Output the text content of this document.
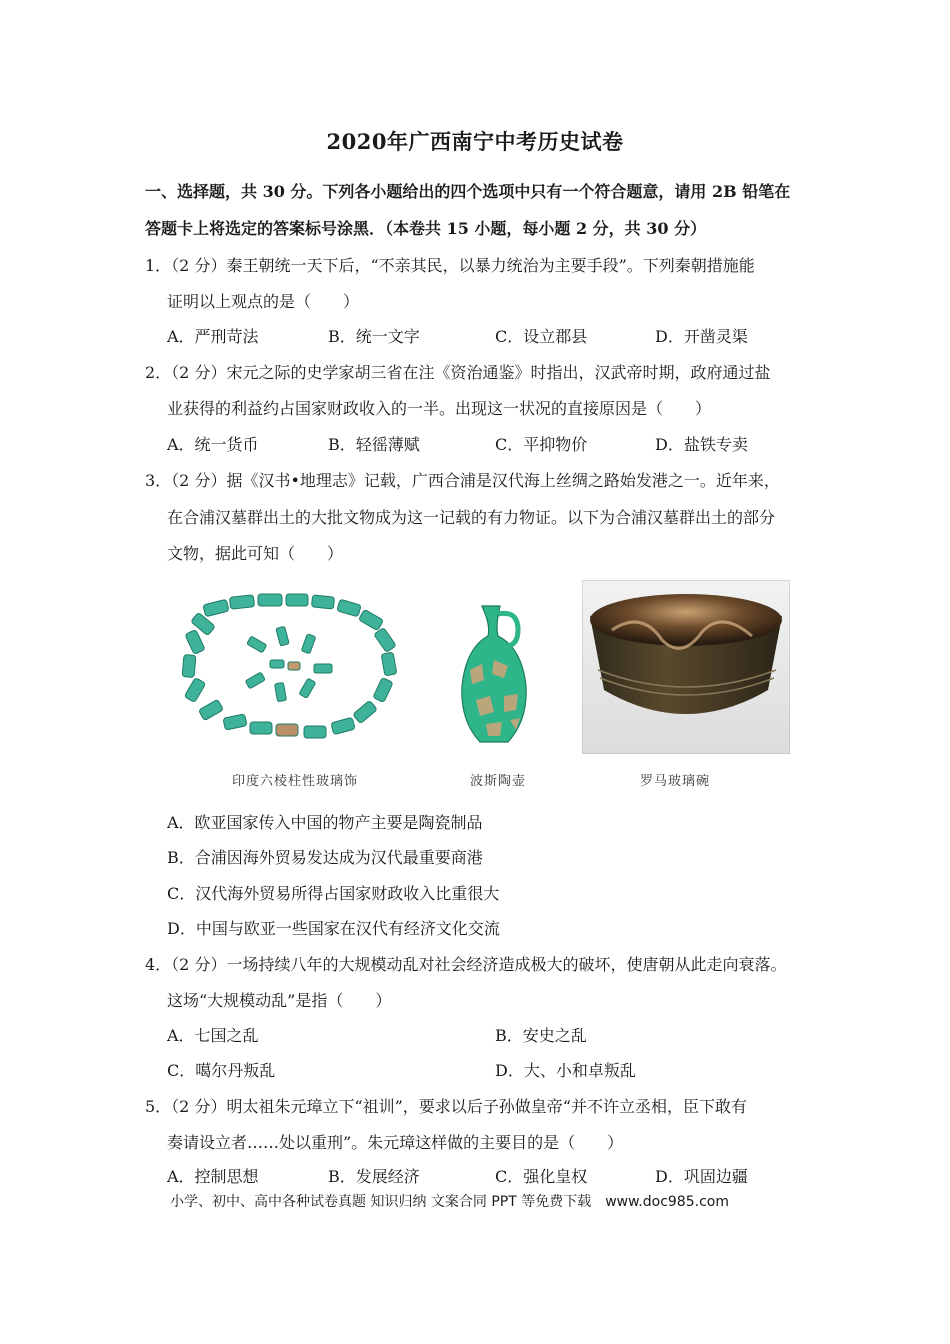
2020年广西南宁中考历史试卷
一、选择题，共 30 分。下列各小题给出的四个选项中只有一个符合题意，请用 2B 铅笔在
答题卡上将选定的答案标号涂黑．（本卷共 15 小题，每小题 2 分，共 30 分）
1．（2 分）秦王朝统一天下后，“不亲其民，以暴力统治为主要手段”。下列秦朝措施能
证明以上观点的是（　　）
A．严刑苛法	B．统一文字	C．设立郡县	D．开凿灵渠
2．（2 分）宋元之际的史学家胡三省在注《资治通鉴》时指出，汉武帝时期，政府通过盐
业获得的利益约占国家财政收入的一半。出现这一状况的直接原因是（　　）
A．统一货币	B．轻徭薄赋	C．平抑物价	D．盐铁专卖
3．（2 分）据《汉书•地理志》记载，广西合浦是汉代海上丝绸之路始发港之一。近年来，
在合浦汉墓群出土的大批文物成为这一记载的有力物证。以下为合浦汉墓群出土的部分
文物，据此可知（　　）
印度六棱柱性玻璃饰	波斯陶壶	罗马玻璃碗
A．欧亚国家传入中国的物产主要是陶瓷制品
B．合浦因海外贸易发达成为汉代最重要商港
C．汉代海外贸易所得占国家财政收入比重很大
D．中国与欧亚一些国家在汉代有经济文化交流
4．（2 分）一场持续八年的大规模动乱对社会经济造成极大的破坏，使唐朝从此走向衰落。
这场“大规模动乱”是指（　　）
A．七国之乱	B．安史之乱
C．噶尔丹叛乱	D．大、小和卓叛乱
5．（2 分）明太祖朱元璋立下“祖训”，要求以后子孙做皇帝“并不许立丞相，臣下敢有
奏请设立者……处以重刑”。朱元璋这样做的主要目的是（　　）
A．控制思想	B．发展经济	C．强化皇权	D．巩固边疆
小学、初中、高中各种试卷真题 知识归纳 文案合同 PPT 等免费下载　www.doc985.com
